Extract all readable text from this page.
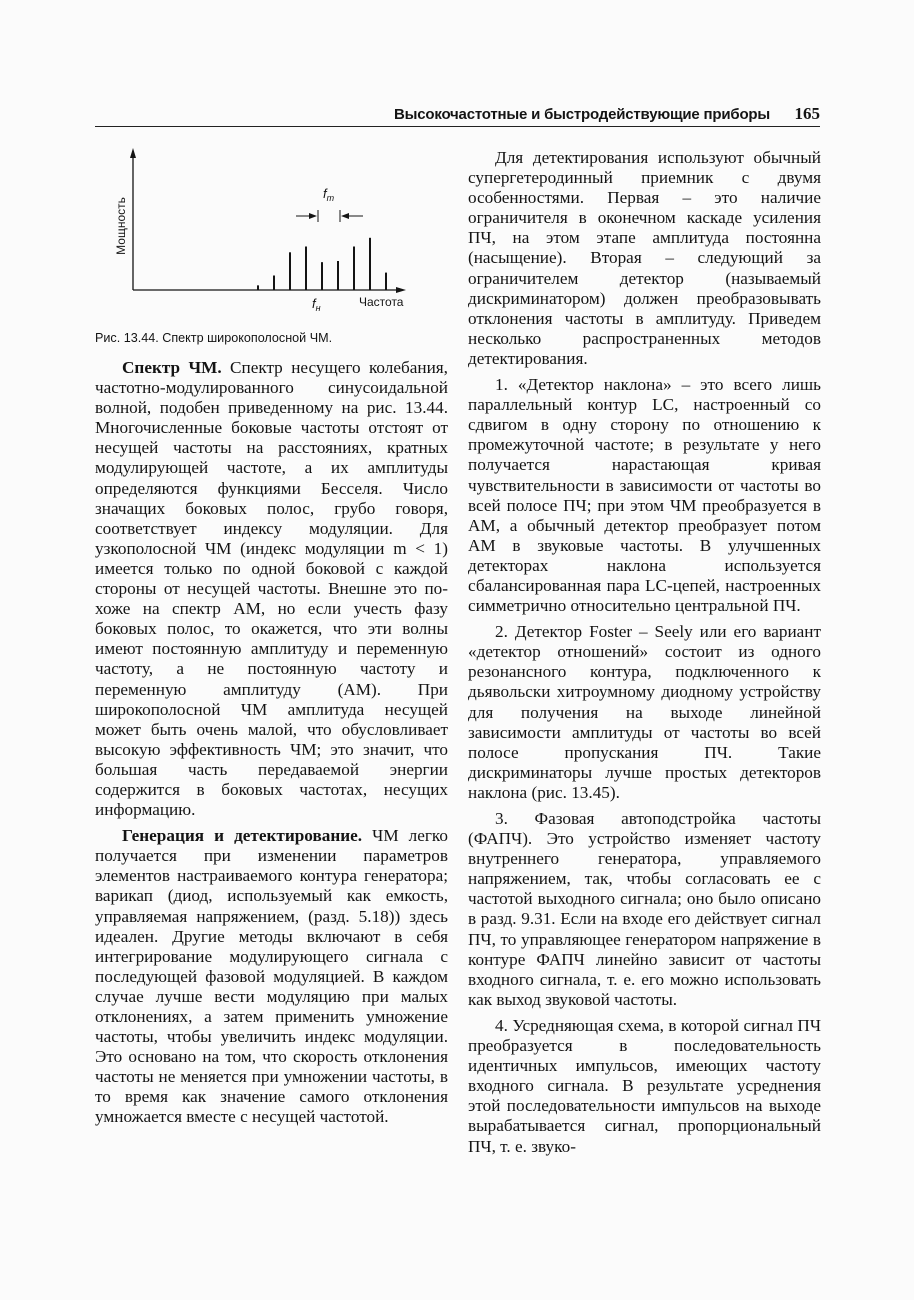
Высокочастотные и быстродействующие приборы 165
Мощность
Частота
$f_m$
$f_н$

Рис. 13.44. Спектр широкополосной ЧМ.

Спектр ЧМ. Спектр несущего колебания, частотно-модулированного синусоидальной волной, подобен приведенному на рис. 13.44. Многочисленные боковые частоты отстоят от несущей частоты на расстояниях, кратных модулирующей частоте, а их амплитуды определяются функциями Бесселя. Число значащих боковых полос, грубо говоря, соответствует индексу модуляции. Для узкополосной ЧМ (индекс модуляции m < 1) имеется только по одной боковой с каждой стороны от несущей частоты. Внешне это похоже на спектр АМ, но если учесть фазу боковых полос, то окажется, что эти волны имеют постоянную амплитуду и переменную частоту, а не постоянную частоту и переменную амплитуду (АМ). При широкополосной ЧМ амплитуда несущей может быть очень малой, что обусловливает высокую эффективность ЧМ; это значит, что большая часть передаваемой энергии содержится в боковых частотах, несущих информацию.

Генерация и детектирование. ЧМ легко получается при изменении параметров элементов настраиваемого контура генератора; варикап (диод, используемый как емкость, управляемая напряжением, (разд. 5.18)) здесь идеален. Другие методы включают в себя интегрирование модулирующего сигнала с последующей фазовой модуляцией. В каждом случае лучше вести модуляцию при малых отклонениях, а затем применить умножение частоты, чтобы увеличить индекс модуляции. Это основано на том, что скорость отклонения частоты не меняется при умножении частоты, в то время как значение самого отклонения умножается вместе с несущей частотой.

Для детектирования используют обычный супергетеродинный приемник с двумя особенностями. Первая – это наличие ограничителя в оконечном каскаде усиления ПЧ, на этом этапе амплитуда постоянна (насыщение). Вторая – следующий за ограничителем детектор (называемый дискриминатором) должен преобразовывать отклонения частоты в амплитуду. Приведем несколько распространенных методов детектирования.

1. «Детектор наклона» – это всего лишь параллельный контур LC, настроенный со сдвигом в одну сторону по отношению к промежуточной частоте; в результате у него получается нарастающая кривая чувствительности в зависимости от частоты во всей полосе ПЧ; при этом ЧМ преобразуется в АМ, а обычный детектор преобразует потом АМ в звуковые частоты. В улучшенных детекторах наклона используется сбалансированная пара LC-цепей, настроенных симметрично относительно центральной ПЧ.

2. Детектор Foster – Seely или его вариант «детектор отношений» состоит из одного резонансного контура, подключенного к дьявольски хитроумному диодному устройству для получения на выходе линейной зависимости амплитуды от частоты во всей полосе пропускания ПЧ. Такие дискриминаторы лучше простых детекторов наклона (рис. 13.45).

3. Фазовая автоподстройка частоты (ФАПЧ). Это устройство изменяет частоту внутреннего генератора, управляемого напряжением, так, чтобы согласовать ее с частотой выходного сигнала; оно было описано в разд. 9.31. Если на входе его действует сигнал ПЧ, то управляющее генератором напряжение в контуре ФАПЧ линейно зависит от частоты входного сигнала, т. е. его можно использовать как выход звуковой частоты.

4. Усредняющая схема, в которой сигнал ПЧ преобразуется в последовательность идентичных импульсов, имеющих частоту входного сигнала. В результате усреднения этой последовательности импульсов на выходе вырабатывается сигнал, пропорциональный ПЧ, т. е. звуко-
